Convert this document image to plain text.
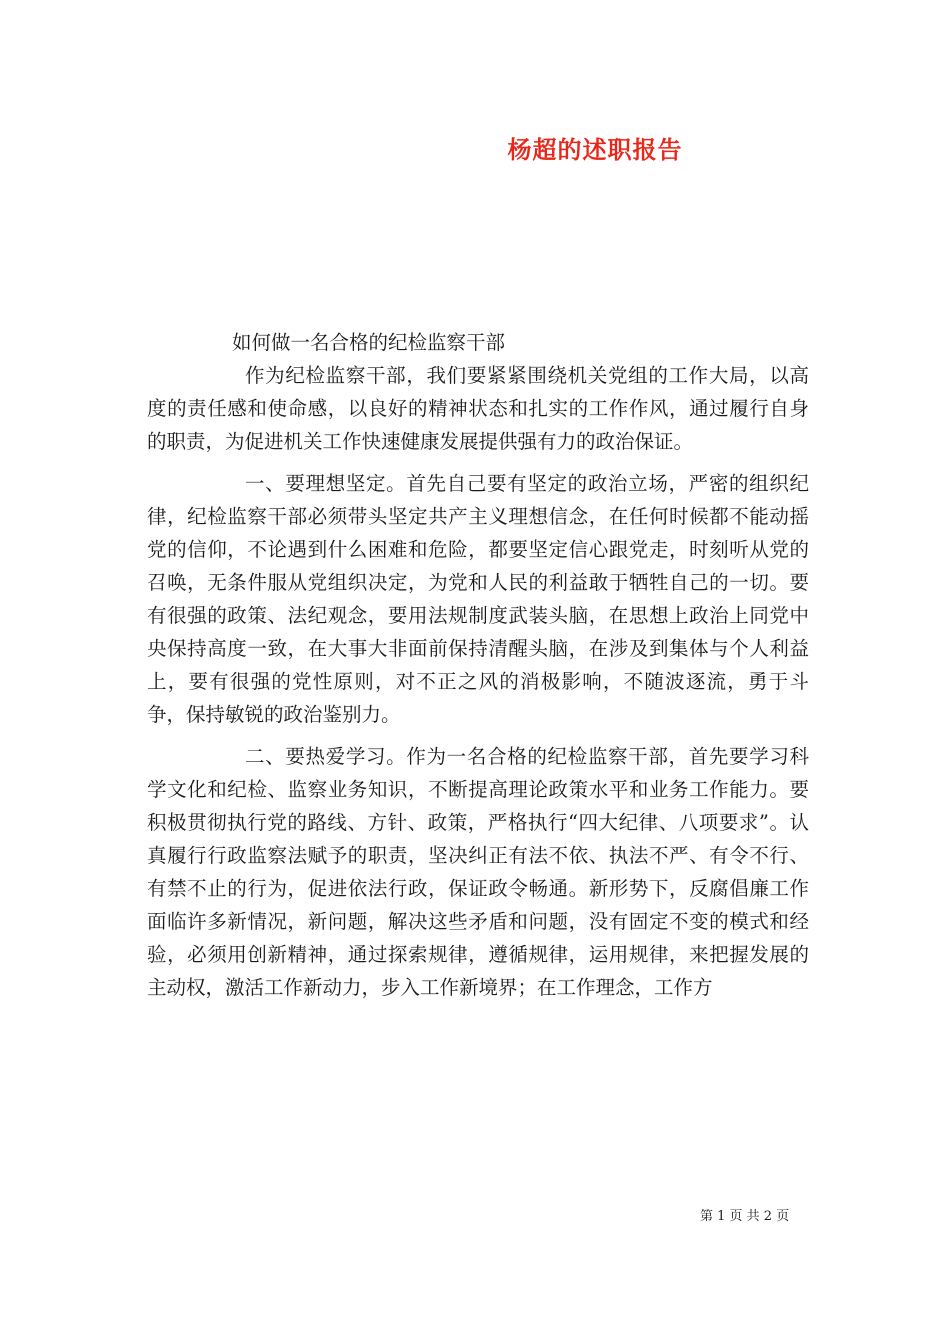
杨超的述职报告

如何做一名合格的纪检监察干部

作为纪检监察干部，我们要紧紧围绕机关党组的工作大局，以高度的责任感和使命感，以良好的精神状态和扎实的工作作风，通过履行自身的职责，为促进机关工作快速健康发展提供强有力的政治保证。

一、要理想坚定。首先自己要有坚定的政治立场，严密的组织纪律，纪检监察干部必须带头坚定共产主义理想信念，在任何时候都不能动摇党的信仰，不论遇到什么困难和危险，都要坚定信心跟党走，时刻听从党的召唤，无条件服从党组织决定，为党和人民的利益敢于牺牲自己的一切。要有很强的政策、法纪观念，要用法规制度武装头脑，在思想上政治上同党中央保持高度一致，在大事大非面前保持清醒头脑，在涉及到集体与个人利益上，要有很强的党性原则，对不正之风的消极影响，不随波逐流，勇于斗争，保持敏锐的政治鉴别力。

二、要热爱学习。作为一名合格的纪检监察干部，首先要学习科学文化和纪检、监察业务知识，不断提高理论政策水平和业务工作能力。要积极贯彻执行党的路线、方针、政策，严格执行“四大纪律、八项要求”。认真履行行政监察法赋予的职责，坚决纠正有法不依、执法不严、有令不行、有禁不止的行为，促进依法行政，保证政令畅通。新形势下，反腐倡廉工作面临许多新情况，新问题，解决这些矛盾和问题，没有固定不变的模式和经验，必须用创新精神，通过探索规律，遵循规律，运用规律，来把握发展的主动权，激活工作新动力，步入工作新境界；在工作理念，工作方

第 1 页 共 2 页
